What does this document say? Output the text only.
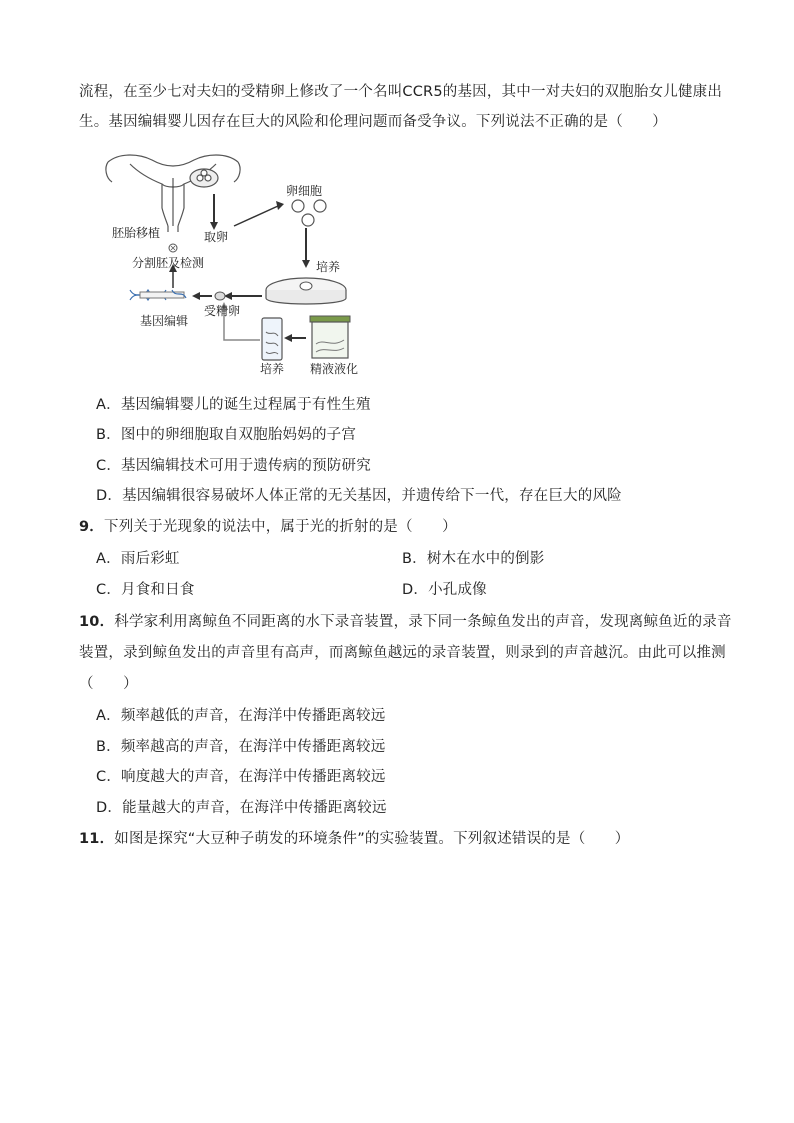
流程，在至少七对夫妇的受精卵上修改了一个名叫CCR5的基因，其中一对夫妇的双胞胎女儿健康出
生。基因编辑婴儿因存在巨大的风险和伦理问题而备受争议。下列说法不正确的是（　　）
卵细胞
取卵
胚胎移植
培养
分割胚及检测
基因编辑
受精卵
培养 精液液化
A．基因编辑婴儿的诞生过程属于有性生殖
B．图中的卵细胞取自双胞胎妈妈的子宫
C．基因编辑技术可用于遗传病的预防研究
D．基因编辑很容易破坏人体正常的无关基因，并遗传给下一代，存在巨大的风险
9．下列关于光现象的说法中，属于光的折射的是（　　）
A．雨后彩虹	B．树木在水中的倒影
C．月食和日食	D．小孔成像
10．科学家利用离鲸鱼不同距离的水下录音装置，录下同一条鲸鱼发出的声音，发现离鲸鱼近的录音
装置，录到鲸鱼发出的声音里有高声，而离鲸鱼越远的录音装置，则录到的声音越沉。由此可以推测
（　　）
A．频率越低的声音，在海洋中传播距离较远
B．频率越高的声音，在海洋中传播距离较远
C．响度越大的声音，在海洋中传播距离较远
D．能量越大的声音，在海洋中传播距离较远
11．如图是探究“大豆种子萌发的环境条件”的实验装置。下列叙述错误的是（　　）
